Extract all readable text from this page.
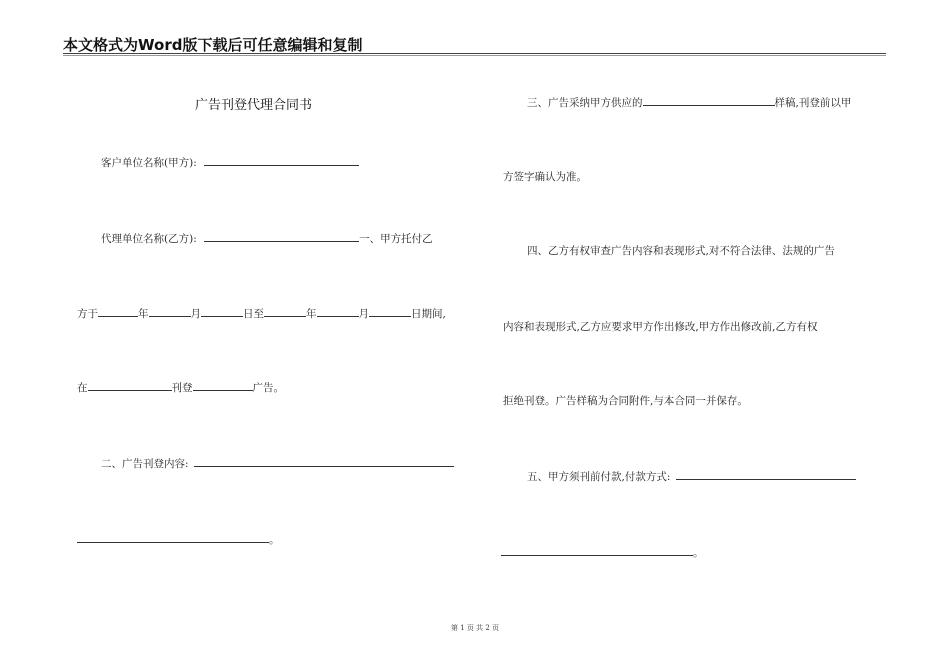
本文格式为Word版下载后可任意编辑和复制
广告刊登代理合同书
客户单位名称(甲方):
代理单位名称(乙方):	一、甲方托付乙
方于	年	月	日至	年	月	日期间,
在	刊登	广告。
二、广告刊登内容:
。
三、广告采纳甲方供应的	样稿,刊登前以甲
方签字确认为准。
四、乙方有权审查广告内容和表现形式,对不符合法律、法规的广告
内容和表现形式,乙方应要求甲方作出修改,甲方作出修改前,乙方有权
拒绝刊登。广告样稿为合同附件,与本合同一并保存。
五、甲方须刊前付款,付款方式:
。
第 1 页 共 2 页
